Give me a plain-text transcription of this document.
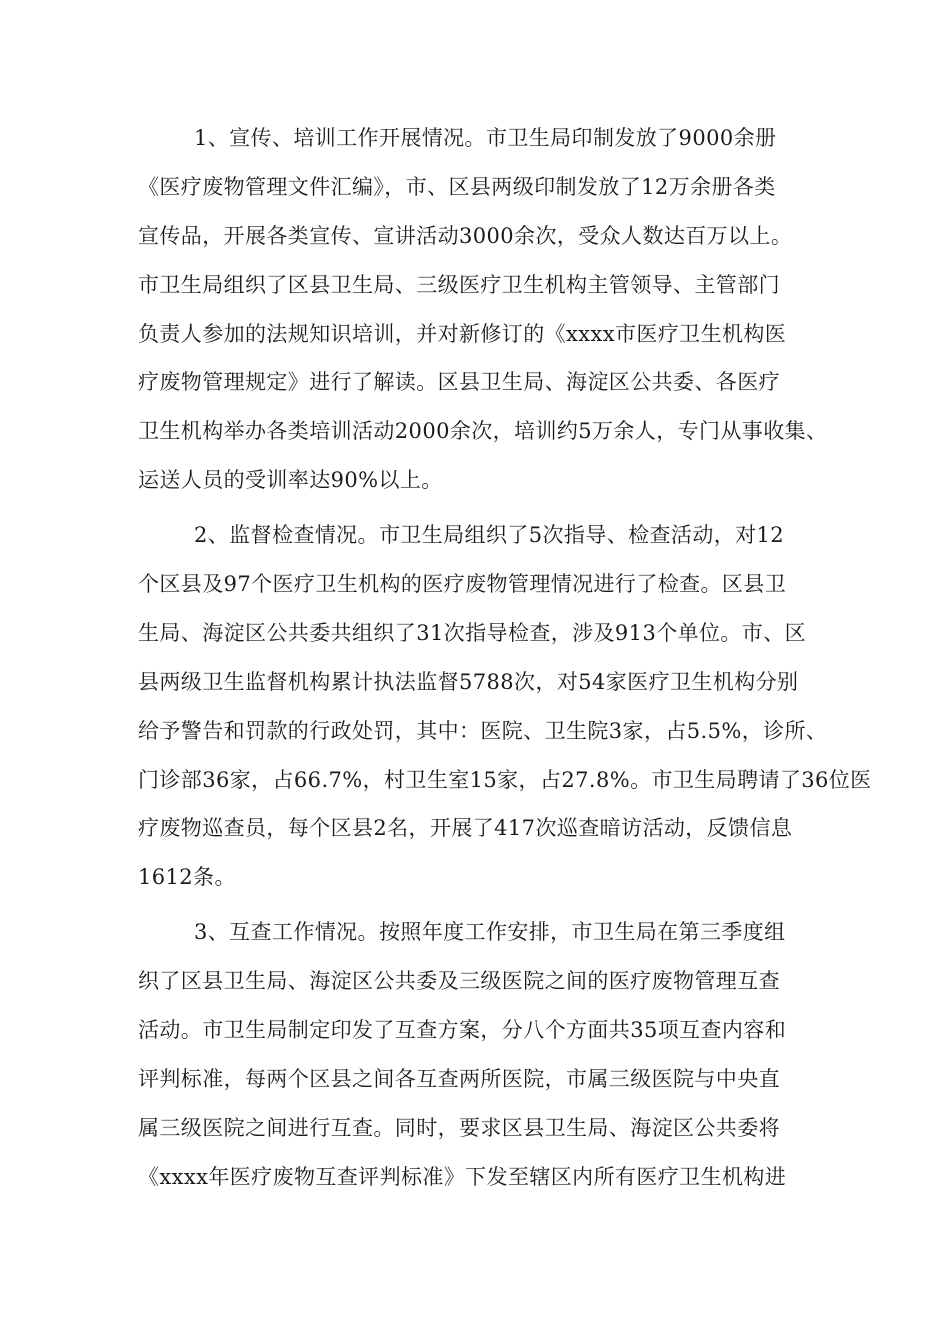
1、宣传、培训工作开展情况。市卫生局印制发放了9000余册
《医疗废物管理文件汇编》，市、区县两级印制发放了12万余册各类
宣传品，开展各类宣传、宣讲活动3000余次，受众人数达百万以上。
市卫生局组织了区县卫生局、三级医疗卫生机构主管领导、主管部门
负责人参加的法规知识培训，并对新修订的《xxxx市医疗卫生机构医
疗废物管理规定》进行了解读。区县卫生局、海淀区公共委、各医疗
卫生机构举办各类培训活动2000余次，培训约5万余人，专门从事收集、
运送人员的受训率达90%以上。
2、监督检查情况。市卫生局组织了5次指导、检查活动，对12
个区县及97个医疗卫生机构的医疗废物管理情况进行了检查。区县卫
生局、海淀区公共委共组织了31次指导检查，涉及913个单位。市、区
县两级卫生监督机构累计执法监督5788次，对54家医疗卫生机构分别
给予警告和罚款的行政处罚，其中：医院、卫生院3家，占5.5%，诊所、
门诊部36家，占66.7%，村卫生室15家，占27.8%。市卫生局聘请了36位医
疗废物巡查员，每个区县2名，开展了417次巡查暗访活动，反馈信息
1612条。
3、互查工作情况。按照年度工作安排，市卫生局在第三季度组
织了区县卫生局、海淀区公共委及三级医院之间的医疗废物管理互查
活动。市卫生局制定印发了互查方案，分八个方面共35项互查内容和
评判标准，每两个区县之间各互查两所医院，市属三级医院与中央直
属三级医院之间进行互查。同时，要求区县卫生局、海淀区公共委将
《xxxx年医疗废物互查评判标准》下发至辖区内所有医疗卫生机构进
